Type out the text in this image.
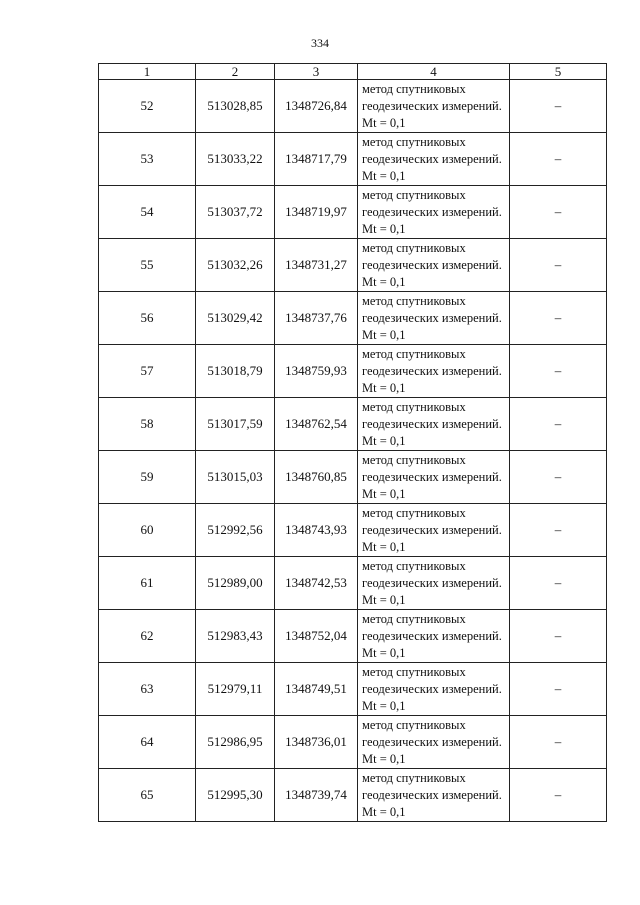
334
1	2	3	4	5
52	513028,85	1348726,84	метод спутниковых геодезических измерений. Mt = 0,1	–
53	513033,22	1348717,79	метод спутниковых геодезических измерений. Mt = 0,1	–
54	513037,72	1348719,97	метод спутниковых геодезических измерений. Mt = 0,1	–
55	513032,26	1348731,27	метод спутниковых геодезических измерений. Mt = 0,1	–
56	513029,42	1348737,76	метод спутниковых геодезических измерений. Mt = 0,1	–
57	513018,79	1348759,93	метод спутниковых геодезических измерений. Mt = 0,1	–
58	513017,59	1348762,54	метод спутниковых геодезических измерений. Mt = 0,1	–
59	513015,03	1348760,85	метод спутниковых геодезических измерений. Mt = 0,1	–
60	512992,56	1348743,93	метод спутниковых геодезических измерений. Mt = 0,1	–
61	512989,00	1348742,53	метод спутниковых геодезических измерений. Mt = 0,1	–
62	512983,43	1348752,04	метод спутниковых геодезических измерений. Mt = 0,1	–
63	512979,11	1348749,51	метод спутниковых геодезических измерений. Mt = 0,1	–
64	512986,95	1348736,01	метод спутниковых геодезических измерений. Mt = 0,1	–
65	512995,30	1348739,74	метод спутниковых геодезических измерений. Mt = 0,1	–
